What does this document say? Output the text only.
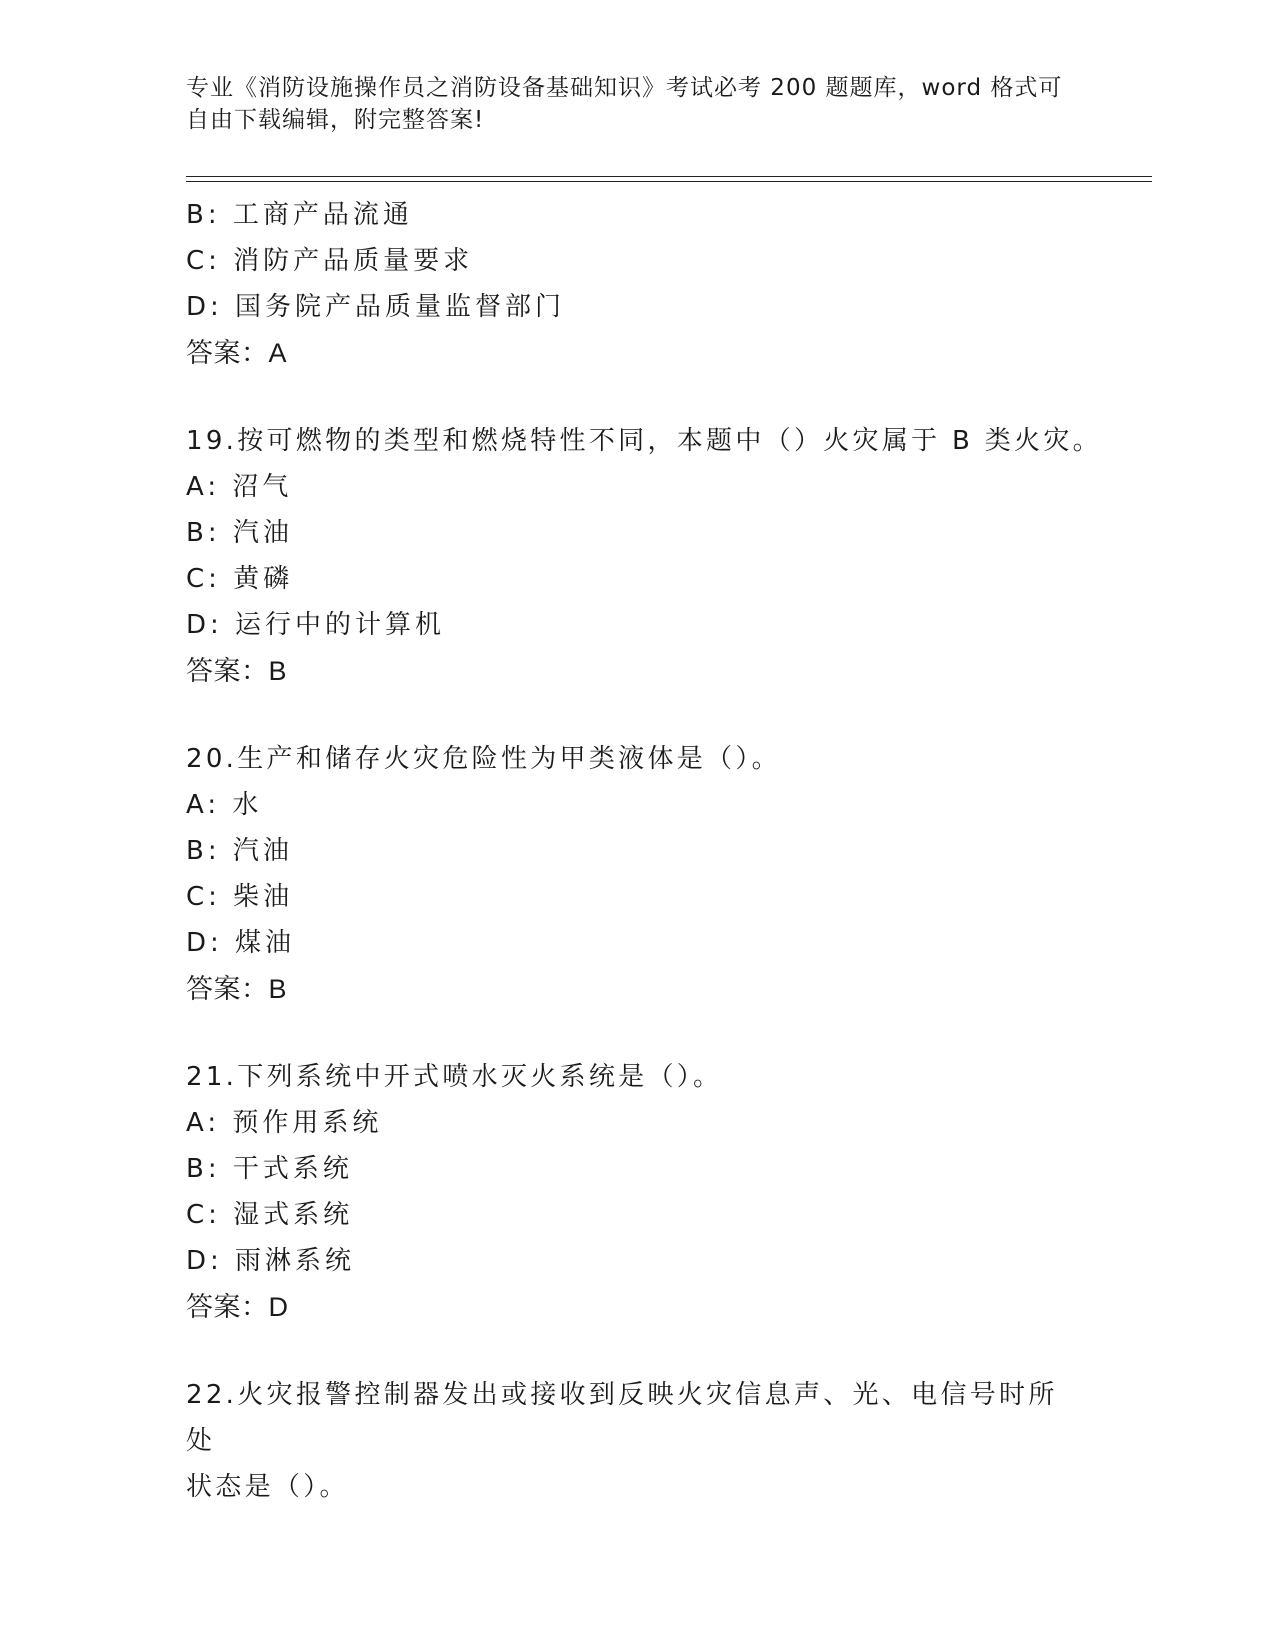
专业《消防设施操作员之消防设备基础知识》考试必考 200 题题库，word 格式可
自由下载编辑，附完整答案!
B: 工商产品流通
C: 消防产品质量要求
D: 国务院产品质量监督部门
答案：A
19.按可燃物的类型和燃烧特性不同，本题中（）火灾属于 B 类火灾。
A: 沼气
B: 汽油
C: 黄磷
D: 运行中的计算机
答案：B
20.生产和储存火灾危险性为甲类液体是（）。
A: 水
B: 汽油
C: 柴油
D: 煤油
答案：B
21.下列系统中开式喷水灭火系统是（）。
A: 预作用系统
B: 干式系统
C: 湿式系统
D: 雨淋系统
答案：D
22.火灾报警控制器发出或接收到反映火灾信息声、光、电信号时所处
状态是（）。
